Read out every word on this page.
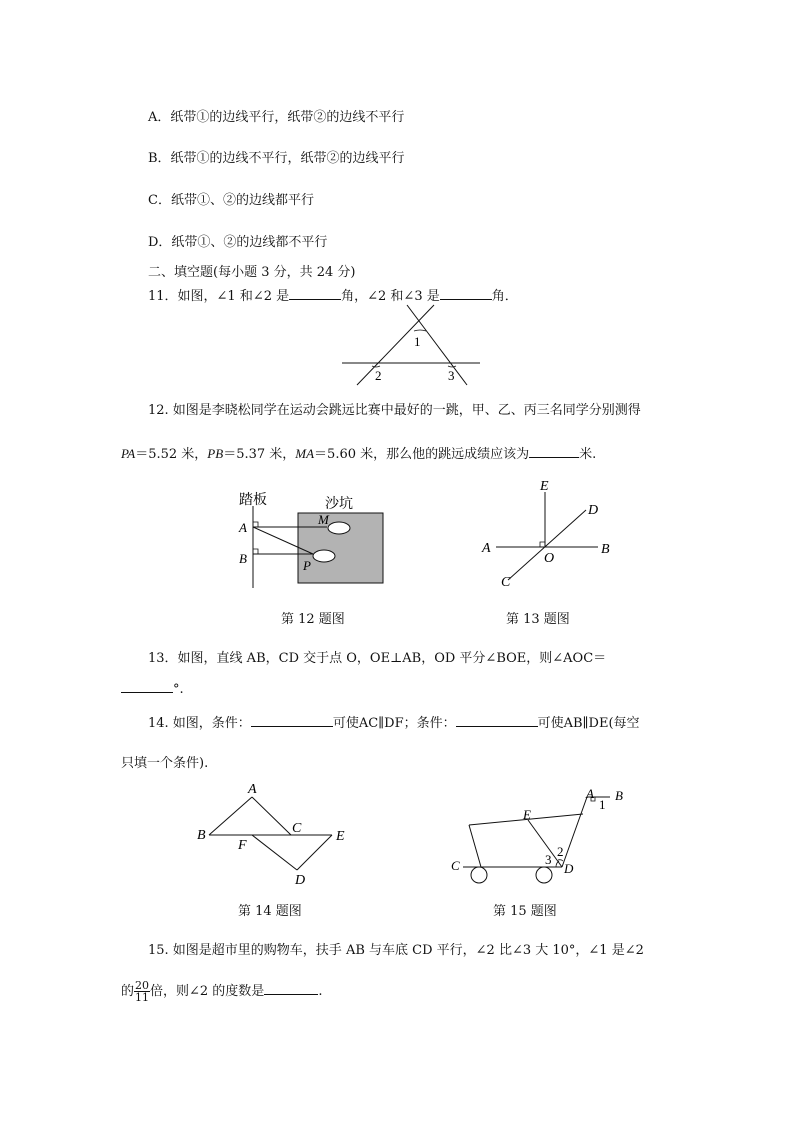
A．纸带①的边线平行，纸带②的边线不平行
B．纸带①的边线不平行，纸带②的边线平行
C．纸带①、②的边线都平行
D．纸带①、②的边线都不平行
二、填空题(每小题 3 分，共 24 分)
11．如图，∠1 和∠2 是	角，∠2 和∠3 是	角．
1
2	3
12. 如图是李晓松同学在运动会跳远比赛中最好的一跳，甲、乙、丙三名同学分别测得
PA＝5.52 米，PB＝5.37 米，MA＝5.60 米，那么他的跳远成绩应该为	米.
踏板	沙坑
A
B
M
P
第 12 题图
E
D
A	B
O
C
第 13 题图
13．如图，直线 AB，CD 交于点 O，OE⊥AB，OD 平分∠BOE，则∠AOC＝
°.
14. 如图，条件：	可使AC∥DF；条件：	可使AB∥DE(每空
只填一个条件).
A
B	C
E
F
D
第 14 题图
A B
1
E
2
3
C	D
第 15 题图
15. 如图是超市里的购物车，扶手 AB 与车底 CD 平行，∠2 比∠3 大 10°，∠1 是∠2
的 $\frac{20}{11}$ 倍，则∠2 的度数是	.
